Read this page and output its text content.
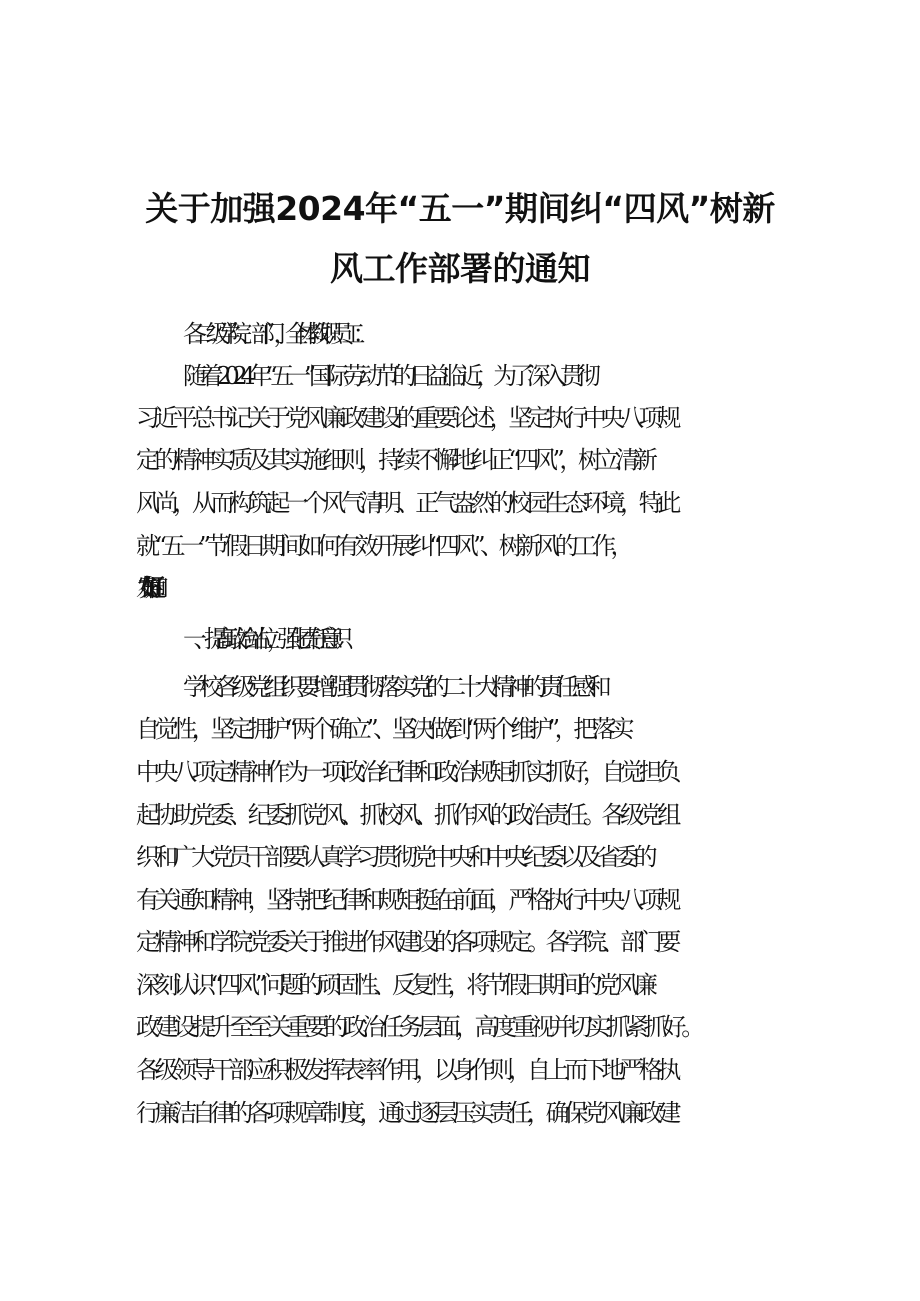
关于加强2024年“五一”期间纠“四风”树新
风工作部署的通知
各二级学院、部门，全体教职员工：
随着2024年“五一”国际劳动节的日益临近，为了深入贯彻
习近平总书记关于党风廉政建设的重要论述，坚定执行中央八项规
定的精神实质及其实施细则，持续不懈地纠正“四风”，树立清新
风尚，从而构筑起一个风气清明、正气盎然的校园生态环境，特此
就“五一”节假日期间如何有效开展纠“四风”、树新风的工作，
发布如下通知：
一、提高政治站位，强化责任意识
学校各级党组织要增强贯彻落实党的二十大精神的责任感和
自觉性，坚定拥护“两个确立”、坚决做到“两个维护”，把落实
中央八项定精神作为一项政治纪律和政治规矩抓实抓好，自觉担负
起协助党委、纪委抓党风、抓校风、抓作风的政治责任。各级党组
织和广大党员干部要认真学习贯彻党中央和中央纪委以及省委的
有关通知精神，坚持把纪律和规矩挺在前面，严格执行中央八项规
定精神和学院党委关于推进作风建设的各项规定。各学院、部门要
深刻认识“四风”问题的顽固性、反复性，将节假日期间的党风廉
政建设提升至至关重要的政治任务层面，高度重视并切实抓紧抓好。
各级领导干部应积极发挥表率作用，以身作则，自上而下地严格执
行廉洁自律的各项规章制度，通过逐层压实责任，确保党风廉政建
